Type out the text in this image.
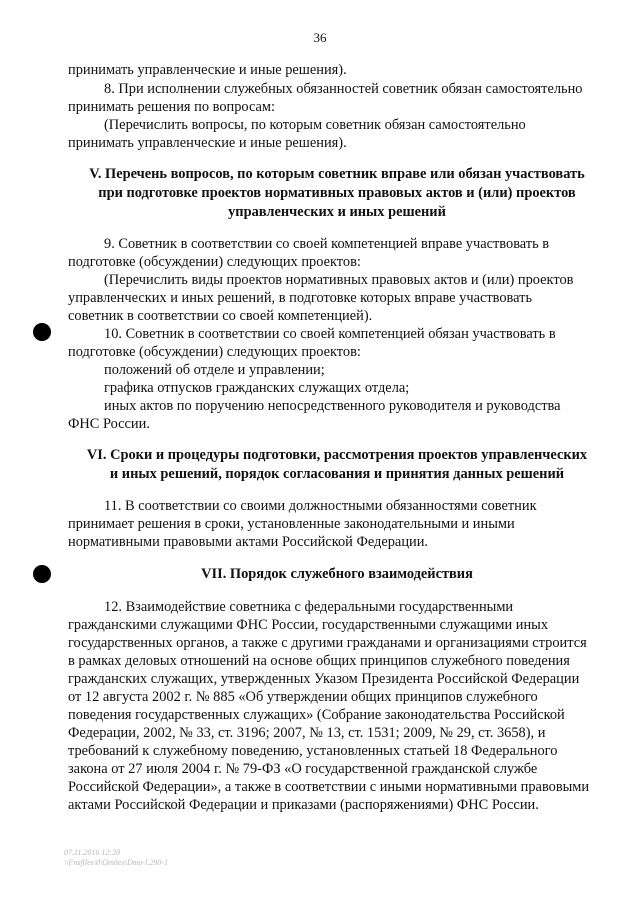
36
принимать управленческие и иные решения).
8. При исполнении служебных обязанностей советник обязан самостоятельно
принимать решения по вопросам:
(Перечислить вопросы, по которым советник обязан самостоятельно
принимать управленческие и иные решения).
V. Перечень вопросов, по которым советник вправе или обязан участвовать
при подготовке проектов нормативных правовых актов и (или) проектов
управленческих и иных решений
9. Советник в соответствии со своей компетенцией вправе участвовать в
подготовке (обсуждении) следующих проектов:
(Перечислить виды проектов нормативных правовых актов и (или) проектов
управленческих и иных решений, в подготовке которых вправе участвовать
советник в соответствии со своей компетенцией).
10. Советник в соответствии со своей компетенцией обязан участвовать в
подготовке (обсуждении) следующих проектов:
положений об отделе и управлении;
графика отпусков гражданских служащих отдела;
иных актов по поручению непосредственного руководителя и руководства
ФНС России.
VI. Сроки и процедуры подготовки, рассмотрения проектов управленческих
и иных решений, порядок согласования и принятия данных решений
11. В соответствии со своими должностными обязанностями советник
принимает решения в сроки, установленные законодательными и иными
нормативными правовыми актами Российской Федерации.
VII. Порядок служебного взаимодействия
12. Взаимодействие советника с федеральными государственными
гражданскими служащими ФНС России, государственными служащими иных
государственных органов, а также с другими гражданами и организациями строится
в рамках деловых отношений на основе общих принципов служебного поведения
гражданских служащих, утвержденных Указом Президента Российской Федерации
от 12 августа 2002 г. № 885 «Об утверждении общих принципов служебного
поведения государственных служащих» (Собрание законодательства Российской
Федерации, 2002, № 33, ст. 3196; 2007, № 13, ст. 1531; 2009, № 29, ст. 3658), и
требований к служебному поведению, установленных статьей 18 Федерального
закона от 27 июля 2004 г. № 79-ФЗ «О государственной гражданской службе
Российской Федерации», а также в соответствии с иными нормативными правовыми
актами Российской Федерации и приказами (распоряжениями) ФНС России.
07.11.2016 12:20
\\Fnsfiles\0\Отдел\Dmo-l.290-1
